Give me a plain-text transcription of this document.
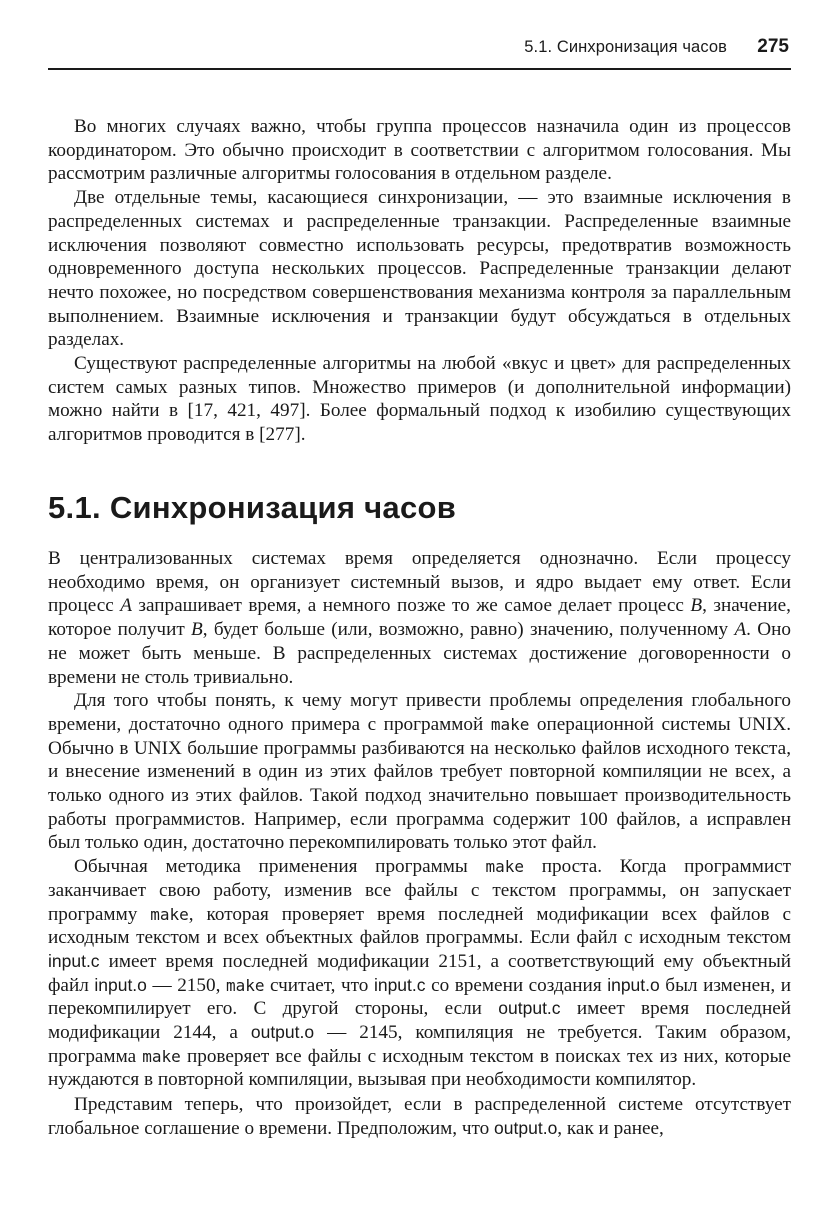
5.1. Синхронизация часов 275

Во многих случаях важно, чтобы группа процессов назначила один из процессов координатором. Это обычно происходит в соответствии с алгоритмом голосования. Мы рассмотрим различные алгоритмы голосования в отдельном разделе.

Две отдельные темы, касающиеся синхронизации, — это взаимные исключения в распределенных системах и распределенные транзакции. Распределенные взаимные исключения позволяют совместно использовать ресурсы, предотвратив возможность одновременного доступа нескольких процессов. Распределенные транзакции делают нечто похожее, но посредством совершенствования механизма контроля за параллельным выполнением. Взаимные исключения и транзакции будут обсуждаться в отдельных разделах.

Существуют распределенные алгоритмы на любой «вкус и цвет» для распределенных систем самых разных типов. Множество примеров (и дополнительной информации) можно найти в [17, 421, 497]. Более формальный подход к изобилию существующих алгоритмов проводится в [277].

5.1. Синхронизация часов

В централизованных системах время определяется однозначно. Если процессу необходимо время, он организует системный вызов, и ядро выдает ему ответ. Если процесс A запрашивает время, а немного позже то же самое делает процесс B, значение, которое получит B, будет больше (или, возможно, равно) значению, полученному A. Оно не может быть меньше. В распределенных системах достижение договоренности о времени не столь тривиально.

Для того чтобы понять, к чему могут привести проблемы определения глобального времени, достаточно одного примера с программой make операционной системы UNIX. Обычно в UNIX большие программы разбиваются на несколько файлов исходного текста, и внесение изменений в один из этих файлов требует повторной компиляции не всех, а только одного из этих файлов. Такой подход значительно повышает производительность работы программистов. Например, если программа содержит 100 файлов, а исправлен был только один, достаточно перекомпилировать только этот файл.

Обычная методика применения программы make проста. Когда программист заканчивает свою работу, изменив все файлы с текстом программы, он запускает программу make, которая проверяет время последней модификации всех файлов с исходным текстом и всех объектных файлов программы. Если файл с исходным текстом input.c имеет время последней модификации 2151, а соответствующий ему объектный файл input.o — 2150, make считает, что input.c со времени создания input.o был изменен, и перекомпилирует его. С другой стороны, если output.c имеет время последней модификации 2144, а output.o — 2145, компиляция не требуется. Таким образом, программа make проверяет все файлы с исходным текстом в поисках тех из них, которые нуждаются в повторной компиляции, вызывая при необходимости компилятор.

Представим теперь, что произойдет, если в распределенной системе отсутствует глобальное соглашение о времени. Предположим, что output.o, как и ранее,
